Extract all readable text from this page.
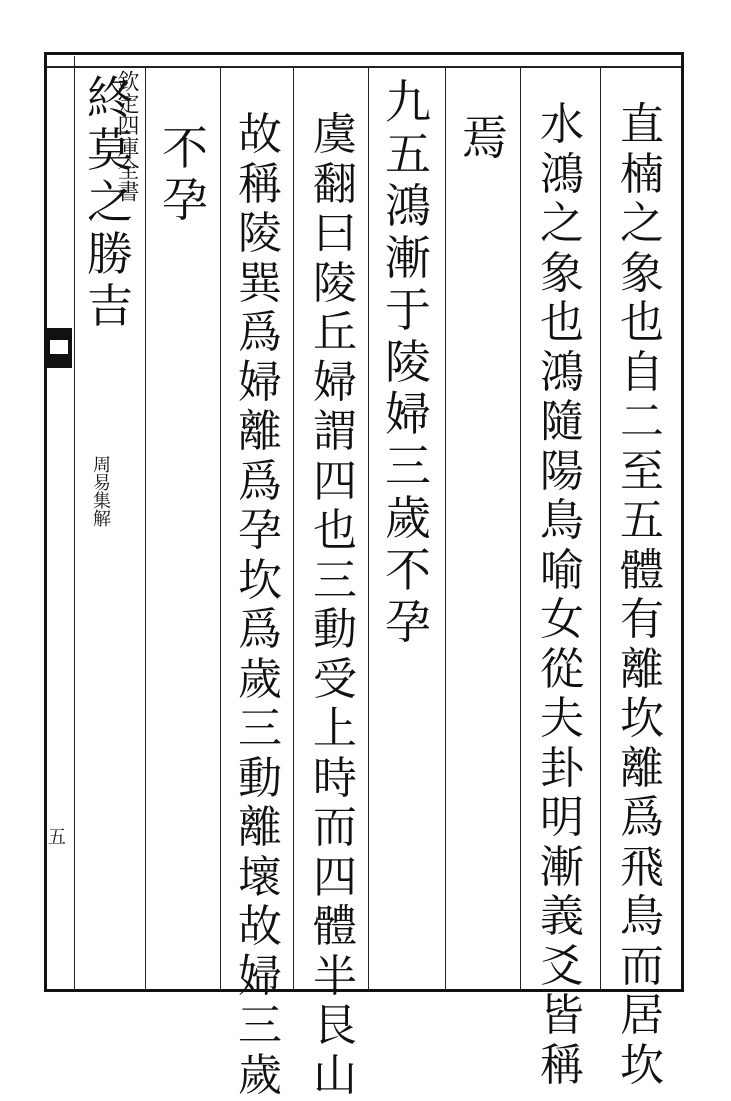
欽定四庫全書
周易集解
五
直
楠
之
象
也
自
二
至
五
體
有
離
坎
離
爲
飛
鳥
而
居
坎
水
鴻
之
象
也
鴻
隨
陽
鳥
喻
女
從
夫
卦
明
漸
義
爻
皆
稱
焉
九
五
鴻
漸
于
陵
婦
三
歲
不
孕
虞
翻
曰
陵
丘
婦
謂
四
也
三
動
受
上
時
而
四
體
半
艮
山
故
稱
陵
巽
爲
婦
離
爲
孕
坎
爲
歲
三
動
離
壞
故
婦
三
歲
不
孕
終
莫
之
勝
吉
